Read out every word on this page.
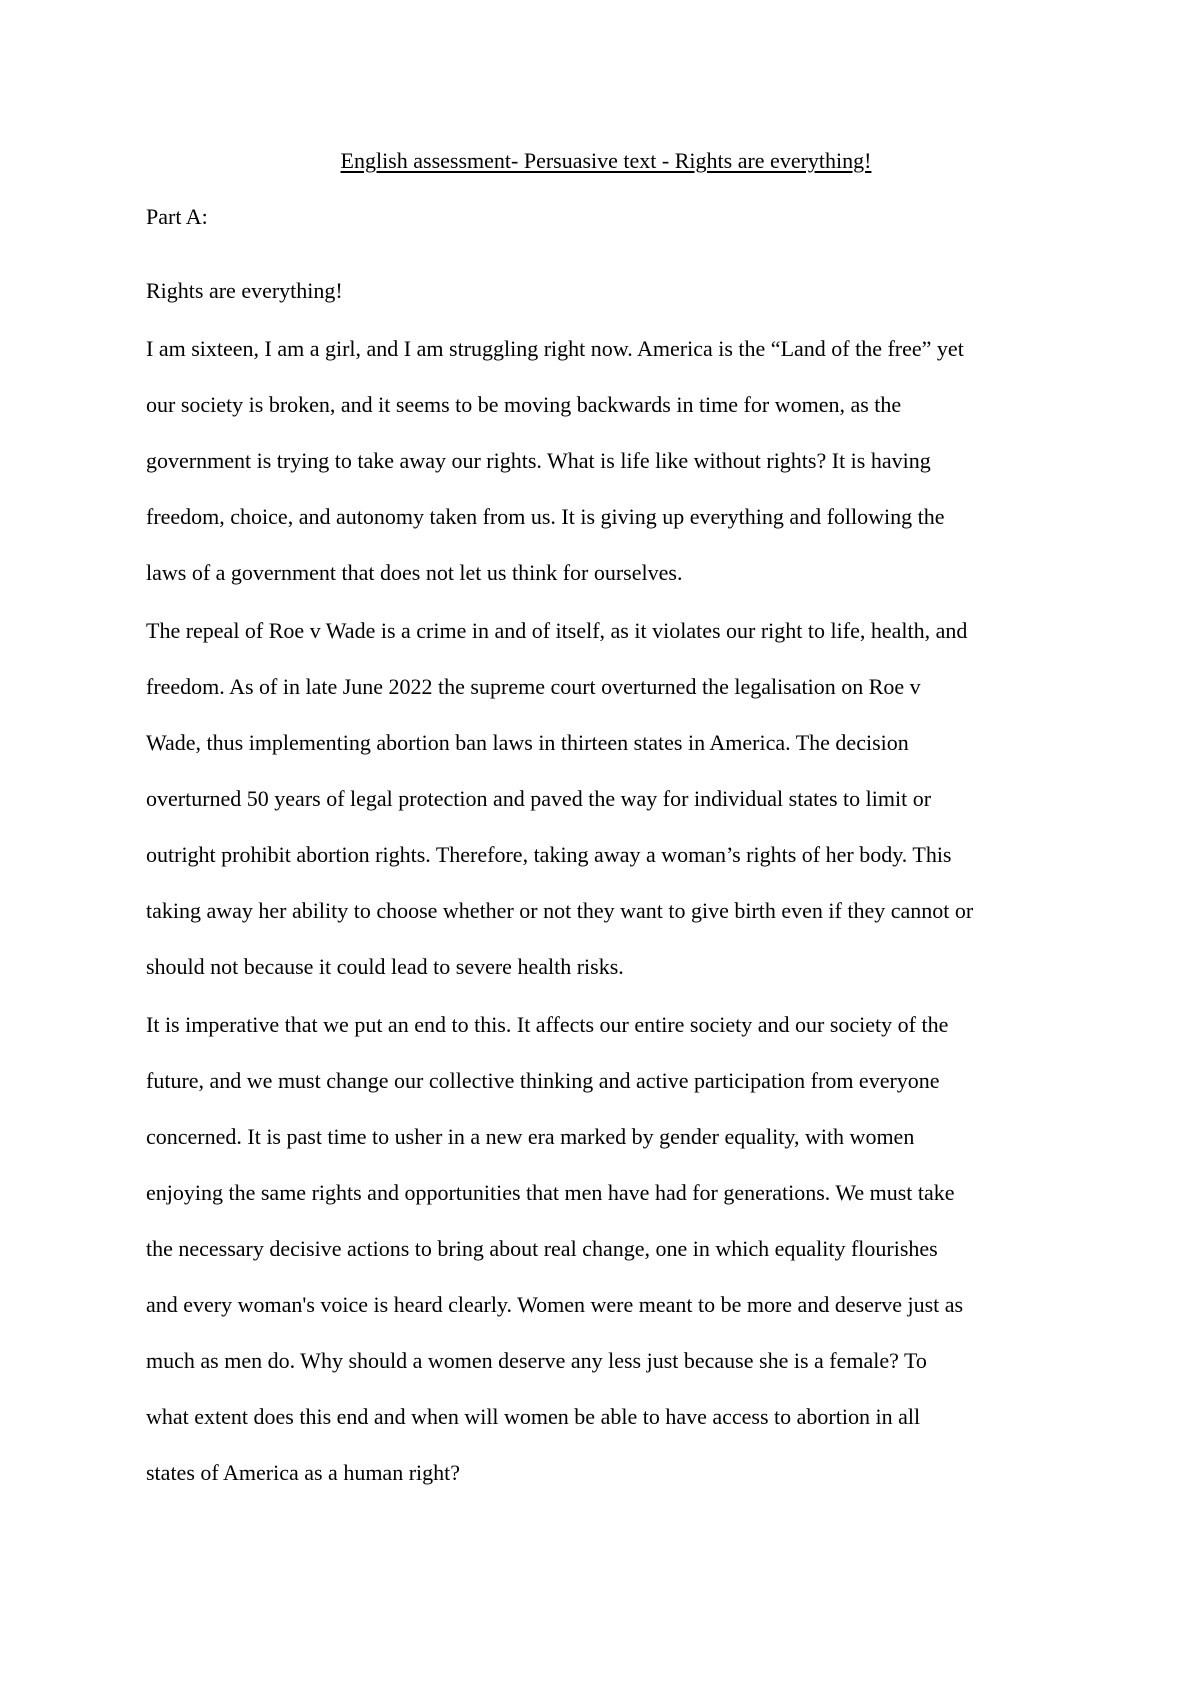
English assessment- Persuasive text - Rights are everything!

Part A:

Rights are everything!

I am sixteen, I am a girl, and I am struggling right now. America is the “Land of the free” yet
our society is broken, and it seems to be moving backwards in time for women, as the
government is trying to take away our rights. What is life like without rights? It is having
freedom, choice, and autonomy taken from us. It is giving up everything and following the
laws of a government that does not let us think for ourselves.
The repeal of Roe v Wade is a crime in and of itself, as it violates our right to life, health, and
freedom. As of in late June 2022 the supreme court overturned the legalisation on Roe v
Wade, thus implementing abortion ban laws in thirteen states in America. The decision
overturned 50 years of legal protection and paved the way for individual states to limit or
outright prohibit abortion rights. Therefore, taking away a woman’s rights of her body. This
taking away her ability to choose whether or not they want to give birth even if they cannot or
should not because it could lead to severe health risks.
It is imperative that we put an end to this. It affects our entire society and our society of the
future, and we must change our collective thinking and active participation from everyone
concerned. It is past time to usher in a new era marked by gender equality, with women
enjoying the same rights and opportunities that men have had for generations. We must take
the necessary decisive actions to bring about real change, one in which equality flourishes
and every woman's voice is heard clearly. Women were meant to be more and deserve just as
much as men do. Why should a women deserve any less just because she is a female? To
what extent does this end and when will women be able to have access to abortion in all
states of America as a human right?
